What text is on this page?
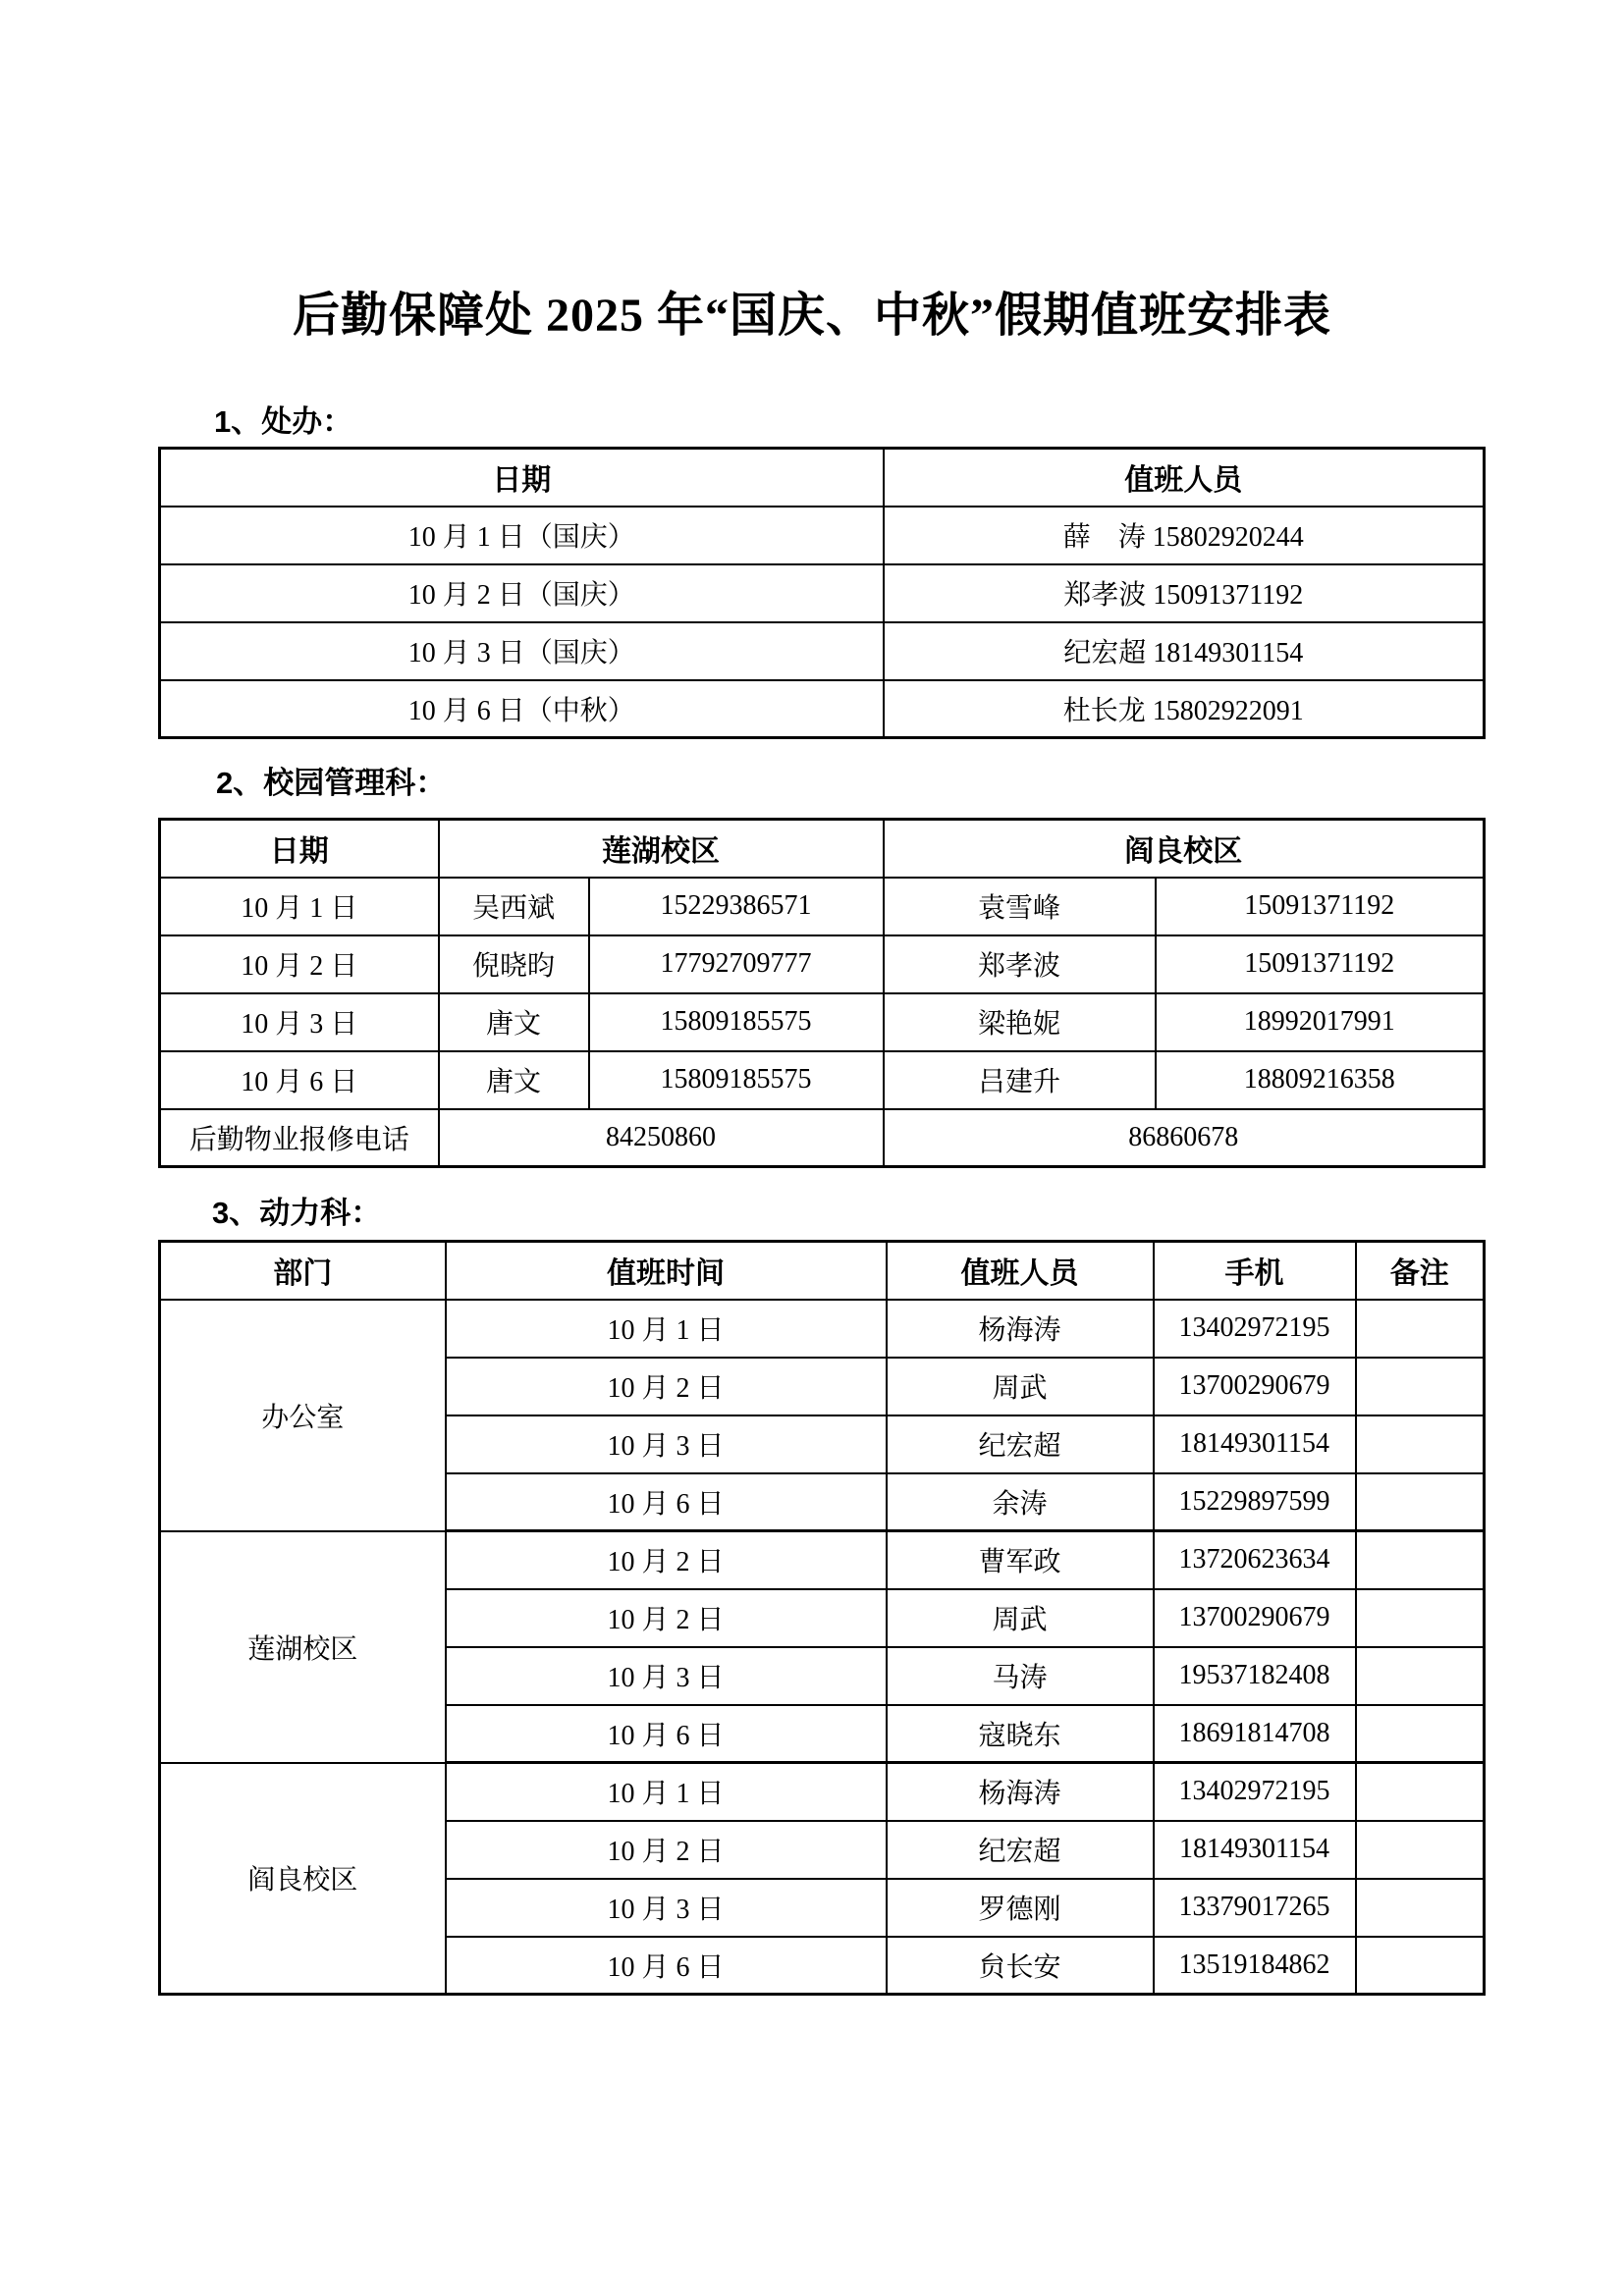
后勤保障处 2025 年“国庆、中秋”假期值班安排表
1、处办：
日期	值班人员
10 月 1 日（国庆）	薛　涛 15802920244
10 月 2 日（国庆）	郑孝波 15091371192
10 月 3 日（国庆）	纪宏超 18149301154
10 月 6 日（中秋）	杜长龙 15802922091
2、校园管理科：
日期	莲湖校区		阎良校区	
10 月 1 日	吴西斌	15229386571	袁雪峰	15091371192
10 月 2 日	倪晓昀	17792709777	郑孝波	15091371192
10 月 3 日	唐文	15809185575	梁艳妮	18992017991
10 月 6 日	唐文	15809185575	吕建升	18809216358
后勤物业报修电话	84250860		86860678	
3、动力科：
部门	值班时间	值班人员	手机	备注
办公室	10 月 1 日	杨海涛	13402972195	
	10 月 2 日	周武	13700290679	
	10 月 3 日	纪宏超	18149301154	
	10 月 6 日	余涛	15229897599	
莲湖校区	10 月 2 日	曹军政	13720623634	
	10 月 2 日	周武	13700290679	
	10 月 3 日	马涛	19537182408	
	10 月 6 日	寇晓东	18691814708	
阎良校区	10 月 1 日	杨海涛	13402972195	
	10 月 2 日	纪宏超	18149301154	
	10 月 3 日	罗德刚	13379017265	
	10 月 6 日	贠长安	13519184862	
